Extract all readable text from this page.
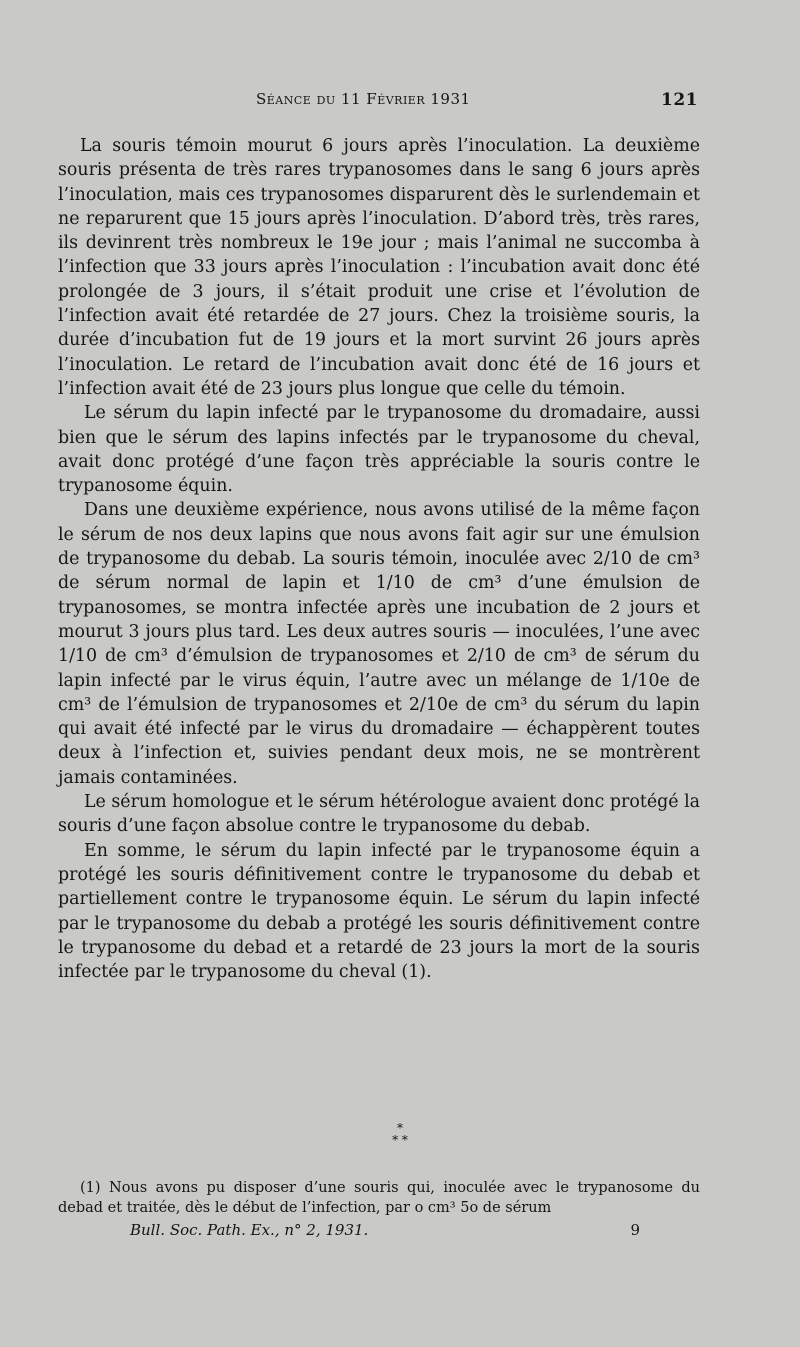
Séance du 11 Février 1931	121

La souris témoin mourut 6 jours après l’inoculation. La deuxième souris présenta de très rares trypanosomes dans le sang 6 jours après l’inoculation, mais ces trypanosomes disparurent dès le surlendemain et ne reparurent que 15 jours après l’inoculation. D’abord très, très rares, ils devinrent très nombreux le 19e jour ; mais l’animal ne succomba à l’infection que 33 jours après l’inoculation : l’incubation avait donc été prolongée de 3 jours, il s’était produit une crise et l’évolution de l’infection avait été retardée de 27 jours. Chez la troisième souris, la durée d’incubation fut de 19 jours et la mort survint 26 jours après l’inoculation. Le retard de l’incubation avait donc été de 16 jours et l’infection avait été de 23 jours plus longue que celle du témoin.

Le sérum du lapin infecté par le trypanosome du dromadaire, aussi bien que le sérum des lapins infectés par le trypanosome du cheval, avait donc protégé d’une façon très appréciable la souris contre le trypanosome équin.

Dans une deuxième expérience, nous avons utilisé de la même façon le sérum de nos deux lapins que nous avons fait agir sur une émulsion de trypanosome du debab. La souris témoin, inoculée avec 2/10 de cm³ de sérum normal de lapin et 1/10 de cm³ d’une émulsion de trypanosomes, se montra infectée après une incubation de 2 jours et mourut 3 jours plus tard. Les deux autres souris — inoculées, l’une avec 1/10 de cm³ d’émulsion de trypanosomes et 2/10 de cm³ de sérum du lapin infecté par le virus équin, l’autre avec un mélange de 1/10e de cm³ de l’émulsion de trypanosomes et 2/10e de cm³ du sérum du lapin qui avait été infecté par le virus du dromadaire — échappèrent toutes deux à l’infection et, suivies pendant deux mois, ne se montrèrent jamais contaminées.

Le sérum homologue et le sérum hétérologue avaient donc protégé la souris d’une façon absolue contre le trypanosome du debab.

En somme, le sérum du lapin infecté par le trypanosome équin a protégé les souris définitivement contre le trypanosome du debab et partiellement contre le trypanosome équin. Le sérum du lapin infecté par le trypanosome du debab a protégé les souris définitivement contre le trypanosome du debad et a retardé de 23 jours la mort de la souris infectée par le trypanosome du cheval (1).

*
* *

(1) Nous avons pu disposer d’une souris qui, inoculée avec le trypanosome du debad et traitée, dès le début de l’infection, par o cm³ 5o de sérum

Bull. Soc. Path. Ex., n° 2, 1931.	9
